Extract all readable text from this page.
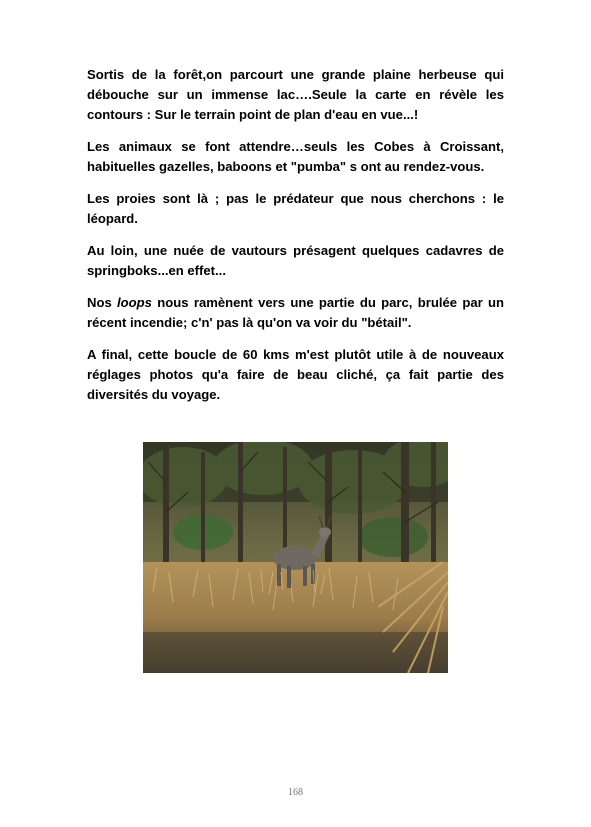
Sortis de la forêt,on parcourt une grande plaine herbeuse qui débouche sur un immense lac….Seule la carte en révèle les contours : Sur le terrain point de plan d'eau en vue...!

Les animaux se font attendre…seuls les Cobes à Croissant, habituelles gazelles, baboons et "pumba" s ont au rendez-vous.

Les proies sont là ; pas le prédateur que nous cherchons : le léopard.

Au loin, une nuée de vautours présagent quelques cadavres de springboks...en effet...

Nos loops nous ramènent vers une partie du parc, brulée par un récent incendie; c'n' pas là qu'on va voir du "bétail".

A final, cette boucle de 60 kms m'est plutôt utile à de nouveaux réglages photos qu'a faire de beau cliché, ça fait partie des diversités du voyage.

168
